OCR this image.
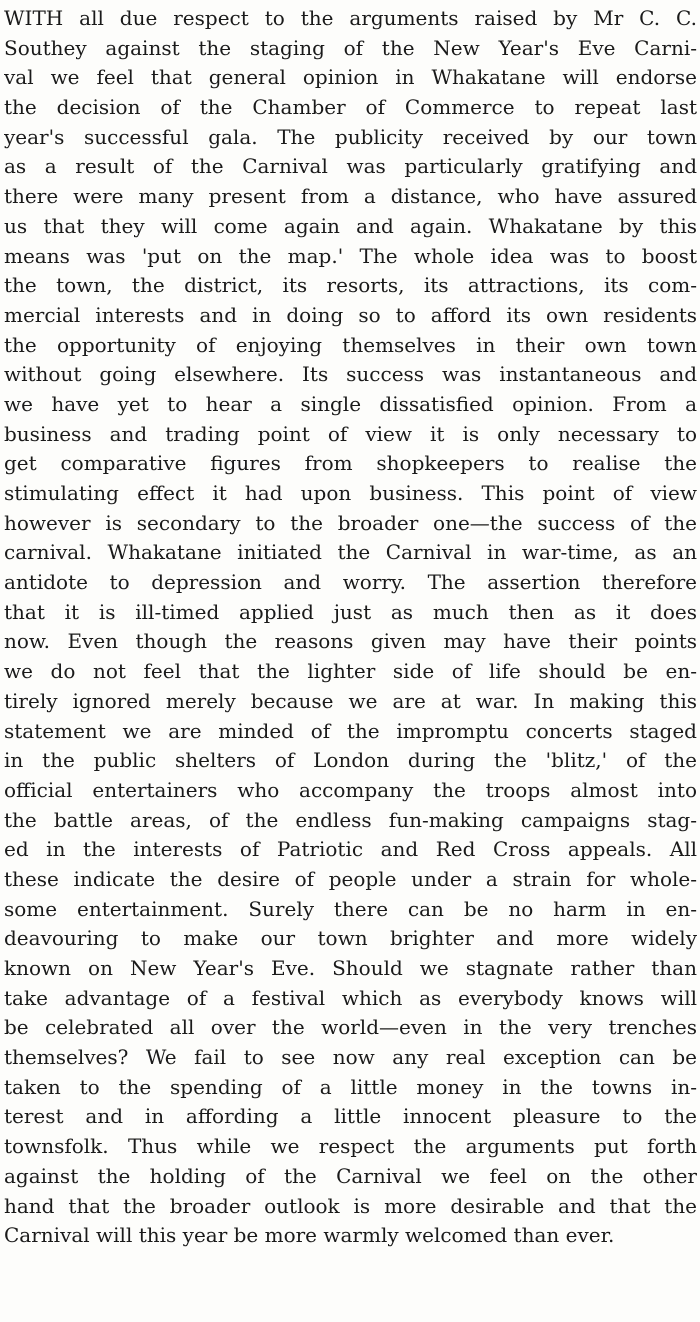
WITH all due respect to the arguments raised by Mr C. C.
Southey against the staging of the New Year's Eve Carni-
val we feel that general opinion in Whakatane will endorse
the decision of the Chamber of Commerce to repeat last
year's successful gala. The publicity received by our town
as a result of the Carnival was particularly gratifying and
there were many present from a distance, who have assured
us that they will come again and again. Whakatane by this
means was 'put on the map.' The whole idea was to boost
the town, the district, its resorts, its attractions, its com-
mercial interests and in doing so to afford its own residents
the opportunity of enjoying themselves in their own town
without going elsewhere. Its success was instantaneous and
we have yet to hear a single dissatisfied opinion. From a
business and trading point of view it is only necessary to
get comparative figures from shopkeepers to realise the
stimulating effect it had upon business. This point of view
however is secondary to the broader one—the success of the
carnival. Whakatane initiated the Carnival in war-time, as an
antidote to depression and worry. The assertion therefore
that it is ill-timed applied just as much then as it does
now. Even though the reasons given may have their points
we do not feel that the lighter side of life should be en-
tirely ignored merely because we are at war. In making this
statement we are minded of the impromptu concerts staged
in the public shelters of London during the 'blitz,' of the
official entertainers who accompany the troops almost into
the battle areas, of the endless fun-making campaigns stag-
ed in the interests of Patriotic and Red Cross appeals. All
these indicate the desire of people under a strain for whole-
some entertainment. Surely there can be no harm in en-
deavouring to make our town brighter and more widely
known on New Year's Eve. Should we stagnate rather than
take advantage of a festival which as everybody knows will
be celebrated all over the world—even in the very trenches
themselves? We fail to see now any real exception can be
taken to the spending of a little money in the towns in-
terest and in affording a little innocent pleasure to the
townsfolk. Thus while we respect the arguments put forth
against the holding of the Carnival we feel on the other
hand that the broader outlook is more desirable and that the
Carnival will this year be more warmly welcomed than ever.
